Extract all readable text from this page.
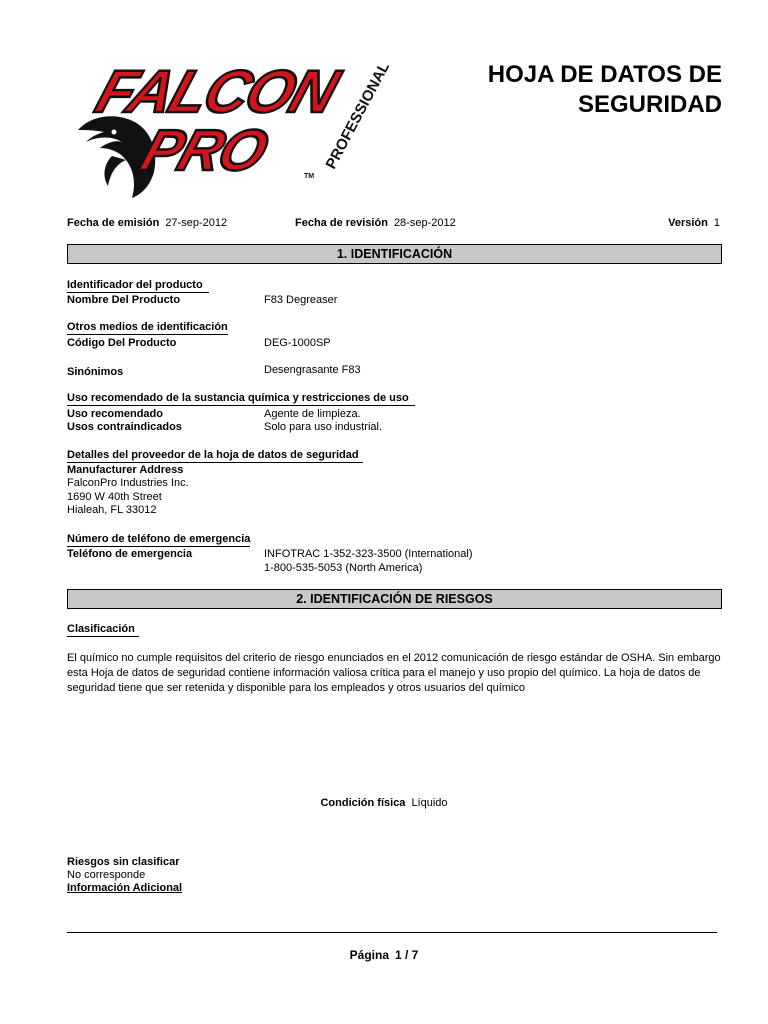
FALCON
PRO	PROFESSIONAL
TM
HOJA DE DATOS DE
SEGURIDAD
Fecha de emisión 27-sep-2012	Fecha de revisión 28-sep-2012	Versión 1
1. IDENTIFICACIÓN
Identificador del producto
Nombre Del Producto	F83 Degreaser
Otros medios de identificación
Código Del Producto	DEG-1000SP
Sinónimos	Desengrasante F83
Uso recomendado de la sustancia química y restricciones de uso
Uso recomendado	Agente de limpieza.
Usos contraindicados	Solo para uso industrial.
Detalles del proveedor de la hoja de datos de seguridad
Manufacturer Address
FalconPro Industries Inc.
1690 W 40th Street
Hialeah, FL 33012
Número de teléfono de emergencia
Teléfono de emergencia	INFOTRAC 1-352-323-3500 (International)
1-800-535-5053 (North America)
2. IDENTIFICACIÓN DE RIESGOS
Clasificación
El químico no cumple requisitos del criterio de riesgo enunciados en el 2012 comunicación de riesgo estándar de OSHA. Sin embargo esta Hoja de datos de seguridad contiene información valiosa crítica para el manejo y uso propio del químico. La hoja de datos de seguridad tiene que ser retenida y disponible para los empleados y otros usuarios del químico
Condición física Líquido
Riesgos sin clasificar
No corresponde
Información Adicional
Página 1 / 7
